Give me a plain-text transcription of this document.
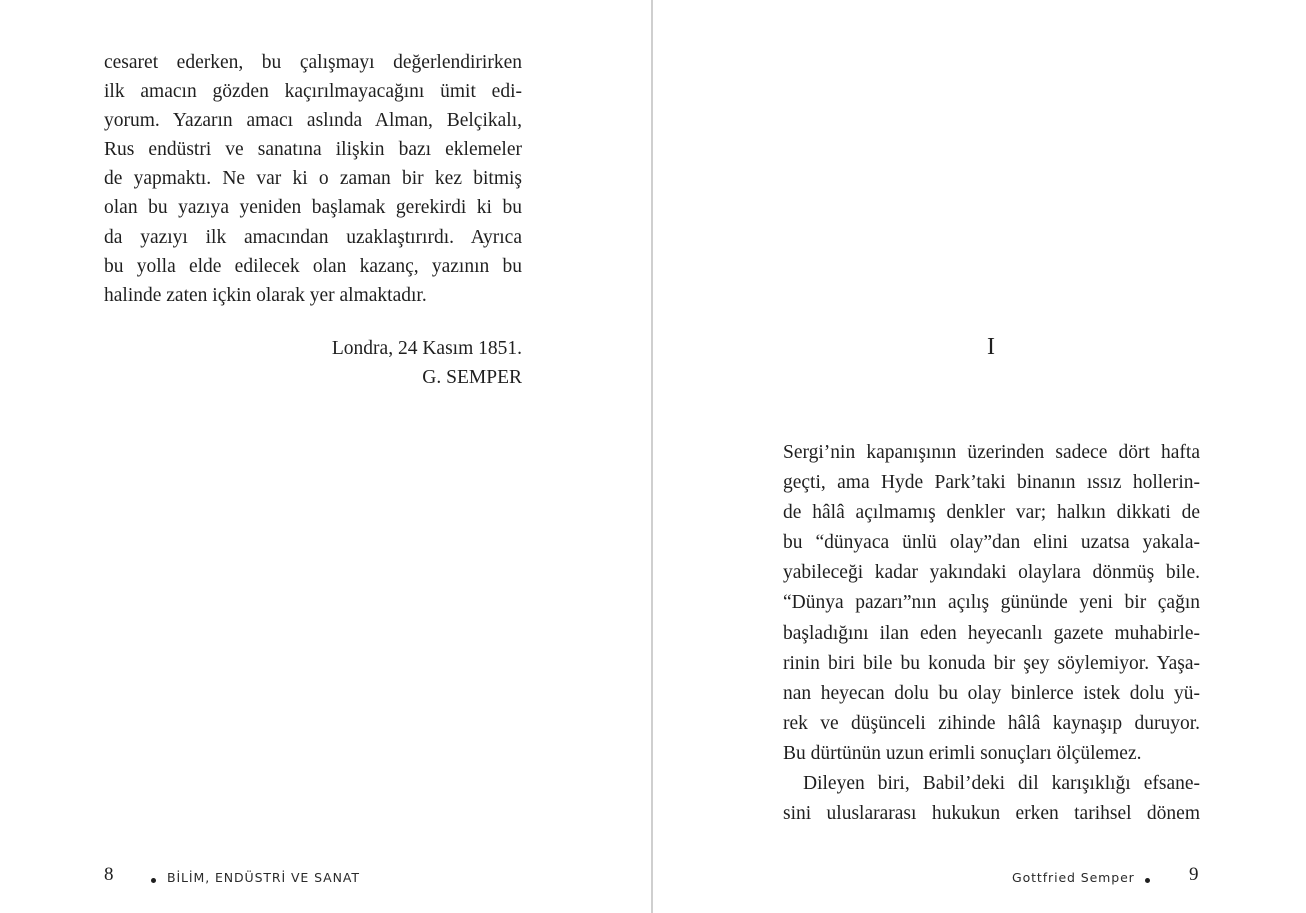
cesaret ederken, bu çalışmayı değerlendirirken
ilk amacın gözden kaçırılmayacağını ümit edi-
yorum. Yazarın amacı aslında Alman, Belçikalı,
Rus endüstri ve sanatına ilişkin bazı eklemeler
de yapmaktı. Ne var ki o zaman bir kez bitmiş
olan bu yazıya yeniden başlamak gerekirdi ki bu
da yazıyı ilk amacından uzaklaştırırdı. Ayrıca
bu yolla elde edilecek olan kazanç, yazının bu
halinde zaten içkin olarak yer almaktadır.
Londra, 24 Kasım 1851.
G. SEMPER
8	BİLİM, ENDÜSTRİ VE SANAT
I
Sergi’nin kapanışının üzerinden sadece dört hafta
geçti, ama Hyde Park’taki binanın ıssız hollerin-
de hâlâ açılmamış denkler var; halkın dikkati de
bu “dünyaca ünlü olay”dan elini uzatsa yakala-
yabileceği kadar yakındaki olaylara dönmüş bile.
“Dünya pazarı”nın açılış gününde yeni bir çağın
başladığını ilan eden heyecanlı gazete muhabirle-
rinin biri bile bu konuda bir şey söylemiyor. Yaşa-
nan heyecan dolu bu olay binlerce istek dolu yü-
rek ve düşünceli zihinde hâlâ kaynaşıp duruyor.
Bu dürtünün uzun erimli sonuçları ölçülemez.
Dileyen biri, Babil’deki dil karışıklığı efsane-
sini uluslararası hukukun erken tarihsel dönem
Gottfried Semper	9
